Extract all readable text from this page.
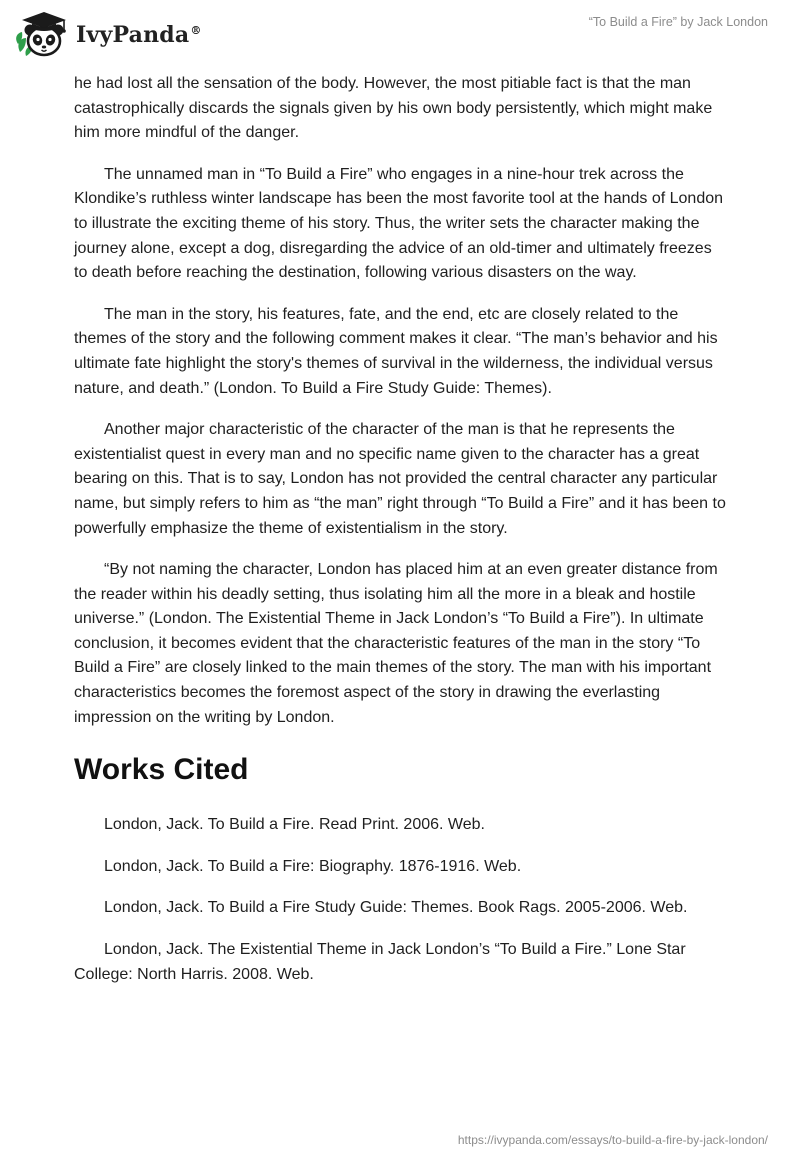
IvyPanda®
“To Build a Fire” by Jack London

he had lost all the sensation of the body. However, the most pitiable fact is that the man catastrophically discards the signals given by his own body persistently, which might make him more mindful of the danger.

The unnamed man in “To Build a Fire” who engages in a nine-hour trek across the Klondike’s ruthless winter landscape has been the most favorite tool at the hands of London to illustrate the exciting theme of his story. Thus, the writer sets the character making the journey alone, except a dog, disregarding the advice of an old-timer and ultimately freezes to death before reaching the destination, following various disasters on the way.

The man in the story, his features, fate, and the end, etc are closely related to the themes of the story and the following comment makes it clear. “The man’s behavior and his ultimate fate highlight the story's themes of survival in the wilderness, the individual versus nature, and death.” (London. To Build a Fire Study Guide: Themes).

Another major characteristic of the character of the man is that he represents the existentialist quest in every man and no specific name given to the character has a great bearing on this. That is to say, London has not provided the central character any particular name, but simply refers to him as “the man” right through “To Build a Fire” and it has been to powerfully emphasize the theme of existentialism in the story.

“By not naming the character, London has placed him at an even greater distance from the reader within his deadly setting, thus isolating him all the more in a bleak and hostile universe.” (London. The Existential Theme in Jack London’s “To Build a Fire”). In ultimate conclusion, it becomes evident that the characteristic features of the man in the story “To Build a Fire” are closely linked to the main themes of the story. The man with his important characteristics becomes the foremost aspect of the story in drawing the everlasting impression on the writing by London.

Works Cited

London, Jack. To Build a Fire. Read Print. 2006. Web.

London, Jack. To Build a Fire: Biography. 1876-1916. Web.

London, Jack. To Build a Fire Study Guide: Themes. Book Rags. 2005-2006. Web.

London, Jack. The Existential Theme in Jack London’s “To Build a Fire.” Lone Star College: North Harris. 2008. Web.

https://ivypanda.com/essays/to-build-a-fire-by-jack-london/
